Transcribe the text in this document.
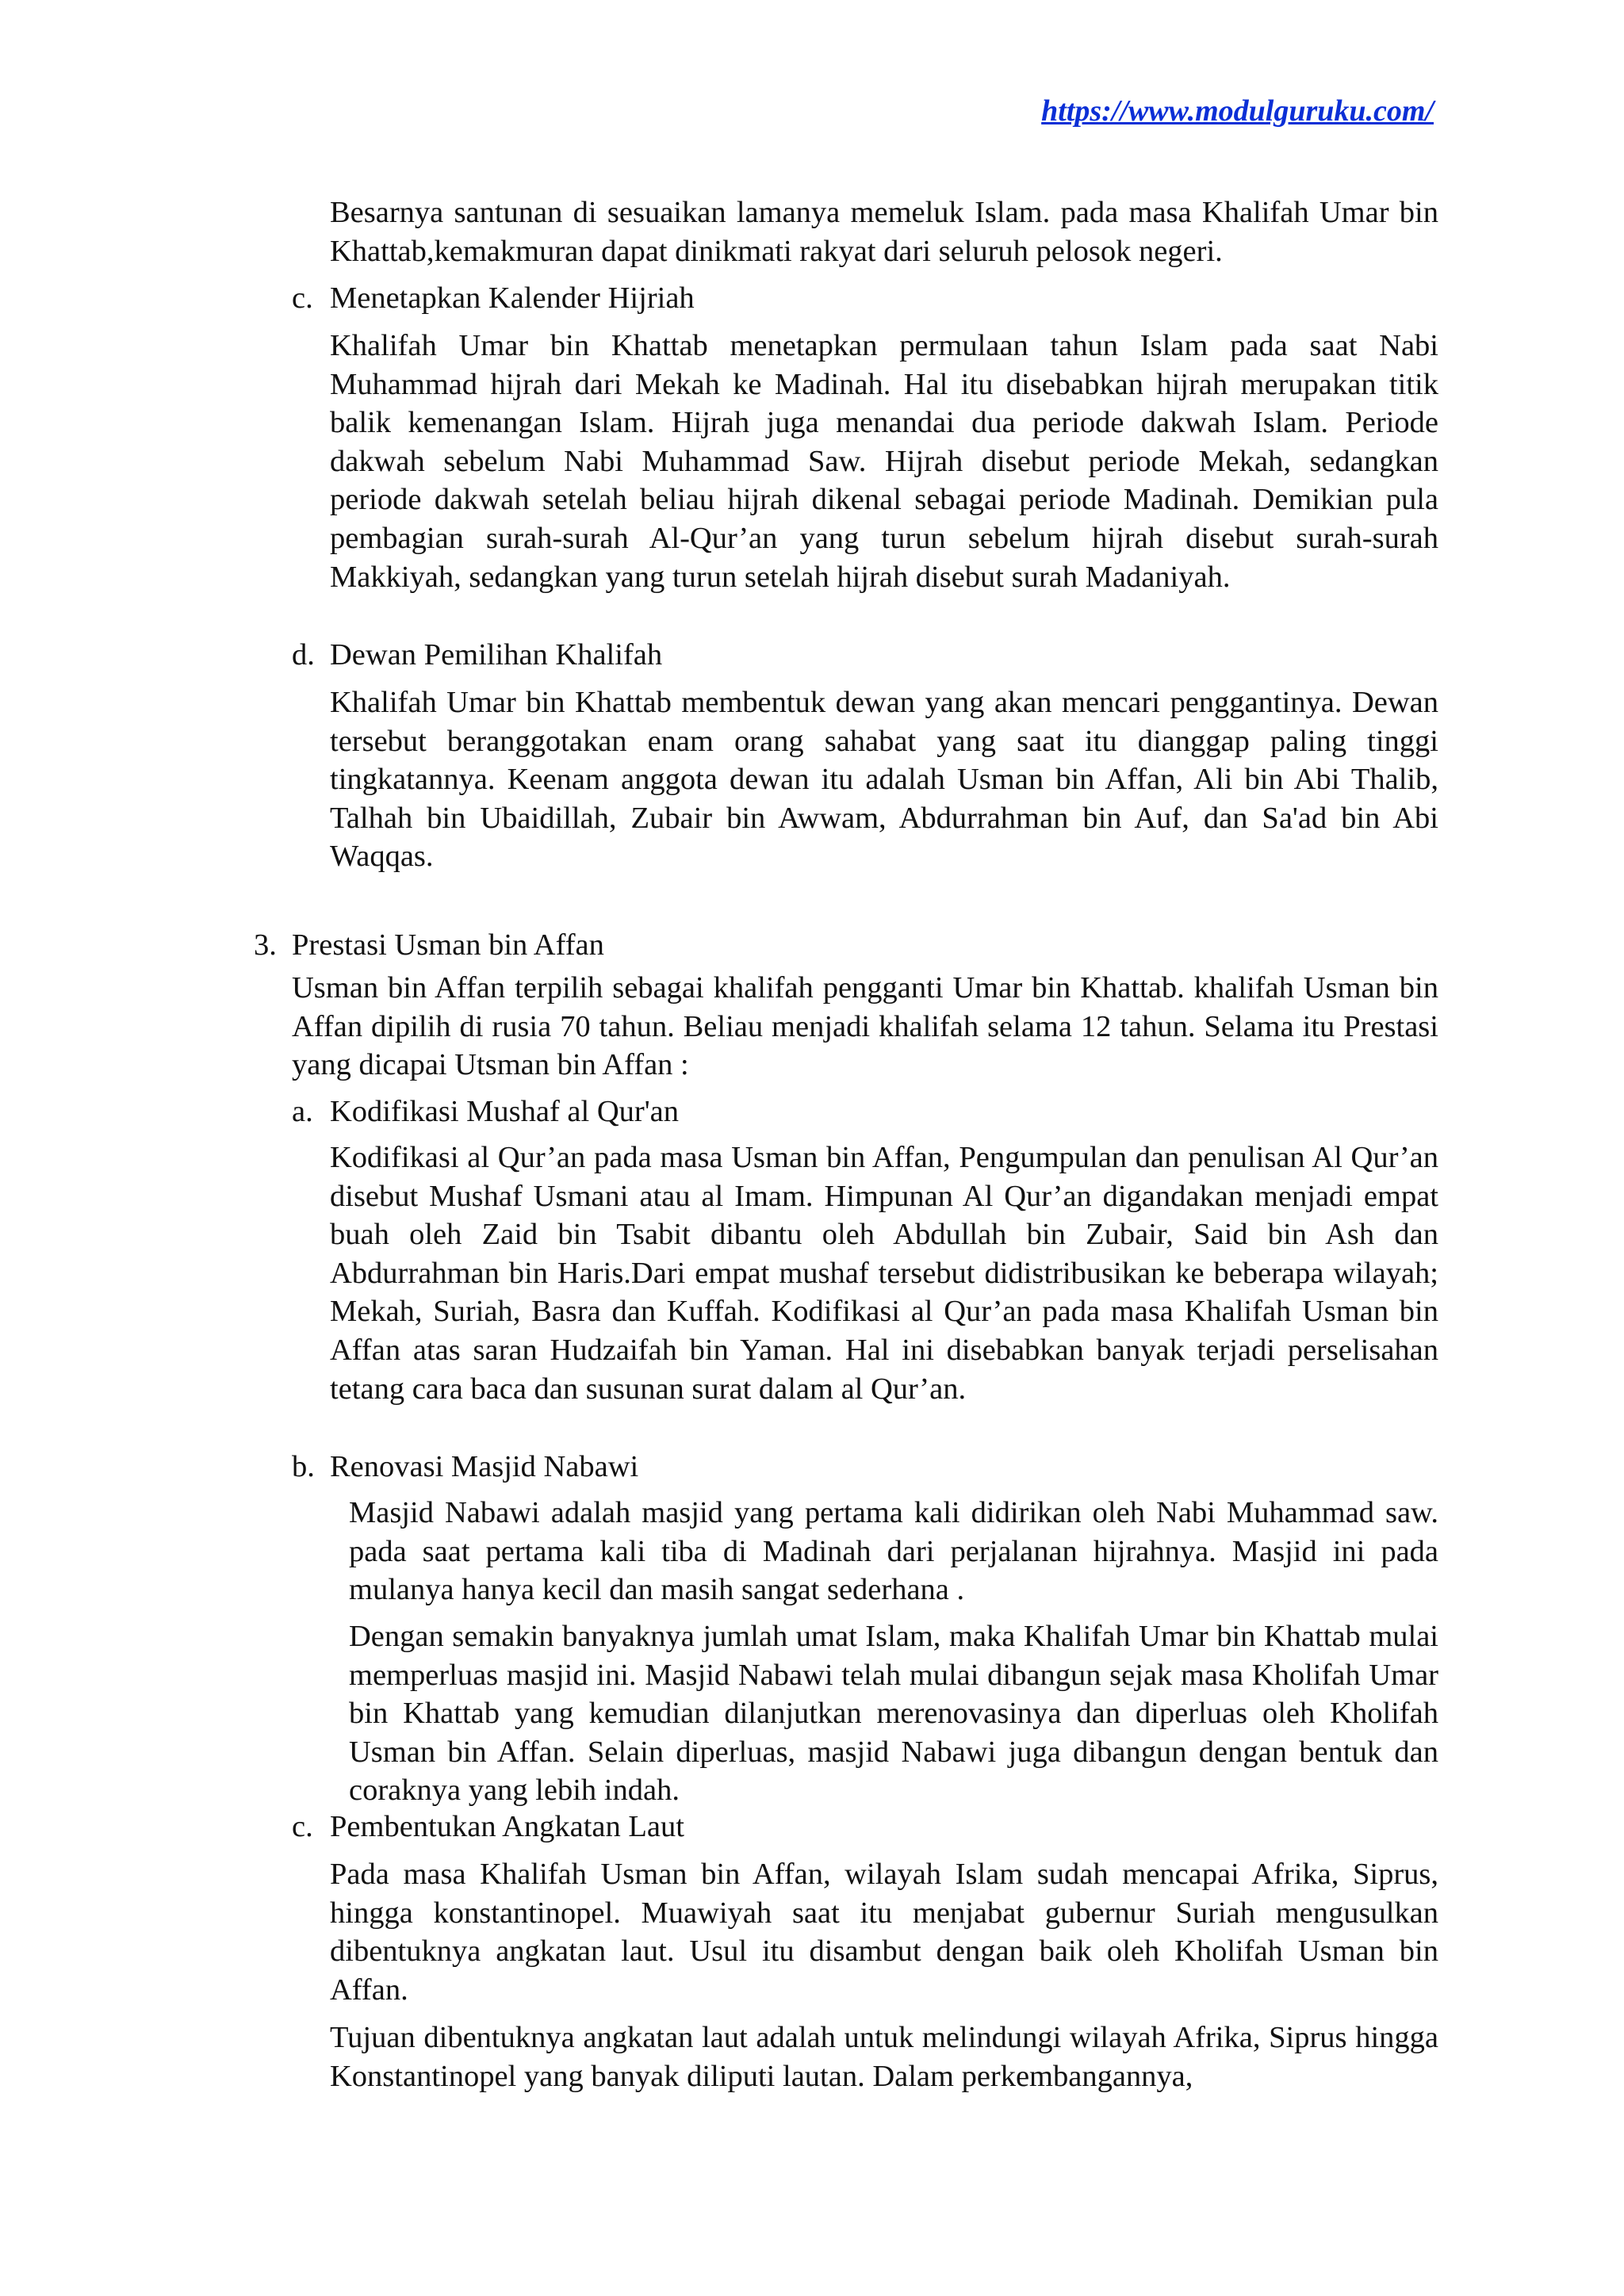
https://www.modulguruku.com/

Besarnya santunan di sesuaikan lamanya memeluk Islam. pada masa Khalifah Umar bin Khattab,kemakmuran dapat dinikmati rakyat dari seluruh pelosok negeri.

c. Menetapkan Kalender Hijriah

Khalifah Umar bin Khattab menetapkan permulaan tahun Islam pada saat Nabi Muhammad hijrah dari Mekah ke Madinah. Hal itu disebabkan hijrah merupakan titik balik kemenangan Islam. Hijrah juga menandai dua periode dakwah Islam. Periode dakwah sebelum Nabi Muhammad Saw. Hijrah disebut periode Mekah, sedangkan periode dakwah setelah beliau hijrah dikenal sebagai periode Madinah. Demikian pula pembagian surah-surah Al-Qur’an yang turun sebelum hijrah disebut surah-surah Makkiyah, sedangkan yang turun setelah hijrah disebut surah Madaniyah.

d. Dewan Pemilihan Khalifah

Khalifah Umar bin Khattab membentuk dewan yang akan mencari penggantinya. Dewan tersebut beranggotakan enam orang sahabat yang saat itu dianggap paling tinggi tingkatannya. Keenam anggota dewan itu adalah Usman bin Affan, Ali bin Abi Thalib, Talhah bin Ubaidillah, Zubair bin Awwam, Abdurrahman bin Auf, dan Sa'ad bin Abi Waqqas.

3. Prestasi Usman bin Affan

Usman bin Affan terpilih sebagai khalifah pengganti Umar bin Khattab. khalifah Usman bin Affan dipilih di rusia 70 tahun. Beliau menjadi khalifah selama 12 tahun. Selama itu Prestasi yang dicapai Utsman bin Affan :

a. Kodifikasi Mushaf al Qur'an

Kodifikasi al Qur’an pada masa Usman bin Affan, Pengumpulan dan penulisan Al Qur’an disebut Mushaf Usmani atau al Imam. Himpunan Al Qur’an digandakan menjadi empat buah oleh Zaid bin Tsabit dibantu oleh Abdullah bin Zubair, Said bin Ash dan Abdurrahman bin Haris.Dari empat mushaf tersebut didistribusikan ke beberapa wilayah; Mekah, Suriah, Basra dan Kuffah. Kodifikasi al Qur’an pada masa Khalifah Usman bin Affan atas saran Hudzaifah bin Yaman. Hal ini disebabkan banyak terjadi perselisahan tetang cara baca dan susunan surat dalam al Qur’an.

b. Renovasi Masjid Nabawi

Masjid Nabawi adalah masjid yang pertama kali didirikan oleh Nabi Muhammad saw. pada saat pertama kali tiba di Madinah dari perjalanan hijrahnya. Masjid ini pada mulanya hanya kecil dan masih sangat sederhana .

Dengan semakin banyaknya jumlah umat Islam, maka Khalifah Umar bin Khattab mulai memperluas masjid ini. Masjid Nabawi telah mulai dibangun sejak masa Kholifah Umar bin Khattab yang kemudian dilanjutkan merenovasinya dan diperluas oleh Kholifah Usman bin Affan. Selain diperluas, masjid Nabawi juga dibangun dengan bentuk dan coraknya yang lebih indah.

c. Pembentukan Angkatan Laut

Pada masa Khalifah Usman bin Affan, wilayah Islam sudah mencapai Afrika, Siprus, hingga konstantinopel. Muawiyah saat itu menjabat gubernur Suriah mengusulkan dibentuknya angkatan laut. Usul itu disambut dengan baik oleh Kholifah Usman bin Affan.

Tujuan dibentuknya angkatan laut adalah untuk melindungi wilayah Afrika, Siprus hingga Konstantinopel yang banyak diliputi lautan. Dalam perkembangannya,
